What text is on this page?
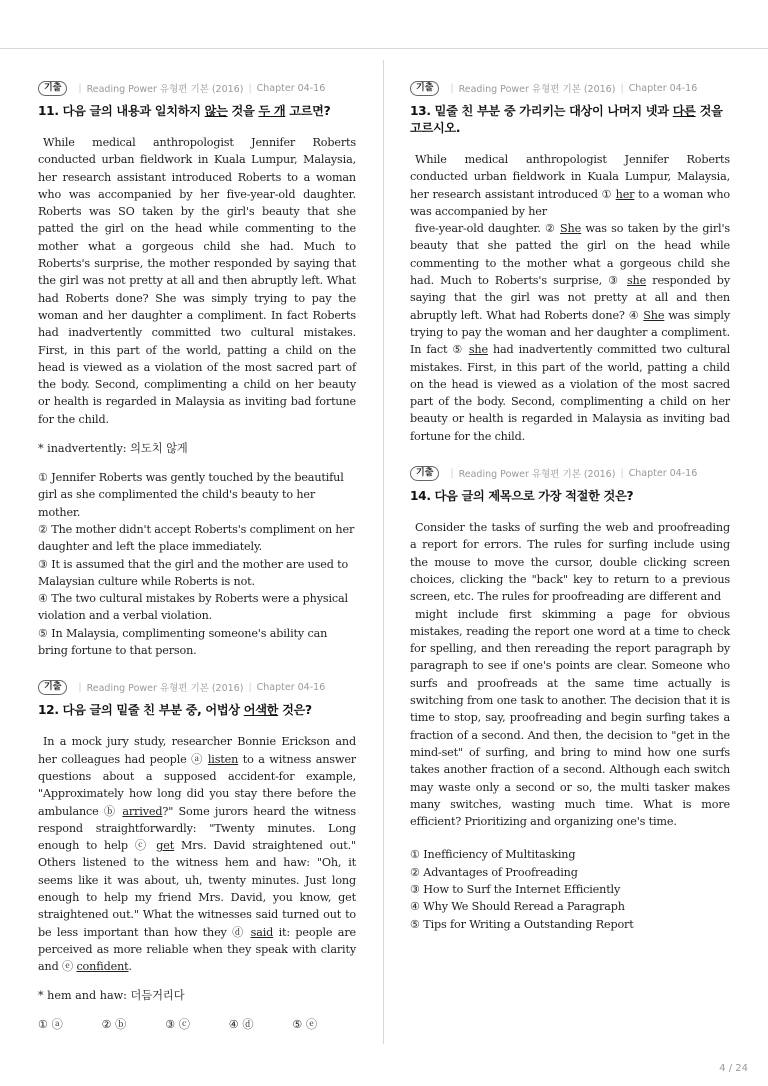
기출	| Reading Power 유형편 기본 (2016) | Chapter 04-16
11. 다음 글의 내용과 일치하지 않는 것을 두 개 고르면?

While medical anthropologist Jennifer Roberts conducted urban fieldwork in Kuala Lumpur, Malaysia, her research assistant introduced Roberts to a woman who was accompanied by her five-year-old daughter. Roberts was SO taken by the girl's beauty that she patted the girl on the head while commenting to the mother what a gorgeous child she had. Much to Roberts's surprise, the mother responded by saying that the girl was not pretty at all and then abruptly left. What had Roberts done? She was simply trying to pay the woman and her daughter a compliment. In fact Roberts had inadvertently committed two cultural mistakes. First, in this part of the world, patting a child on the head is viewed as a violation of the most sacred part of the body. Second, complimenting a child on her beauty or health is regarded in Malaysia as inviting bad fortune for the child.

* inadvertently: 의도치 않게
① Jennifer Roberts was gently touched by the beautiful girl as she complimented the child's beauty to her mother.
② The mother didn't accept Roberts's compliment on her daughter and left the place immediately.
③ It is assumed that the girl and the mother are used to Malaysian culture while Roberts is not.
④ The two cultural mistakes by Roberts were a physical violation and a verbal violation.
⑤ In Malaysia, complimenting someone's ability can bring fortune to that person.
기출	| Reading Power 유형편 기본 (2016) | Chapter 04-16
12. 다음 글의 밑줄 친 부분 중, 어법상 어색한 것은?

In a mock jury study, researcher Bonnie Erickson and her colleagues had people ⓐ listen to a witness answer questions about a supposed accident-for example, "Approximately how long did you stay there before the ambulance ⓑ arrived?" Some jurors heard the witness respond straightforwardly: "Twenty minutes. Long enough to help ⓒ get Mrs. David straightened out." Others listened to the witness hem and haw: "Oh, it seems like it was about, uh, twenty minutes. Just long enough to help my friend Mrs. David, you know, get straightened out." What the witnesses said turned out to be less important than how they ⓓ said it: people are perceived as more reliable when they speak with clarity and ⓔ confident.

* hem and haw: 더듬거리다
① ⓐ	② ⓑ	③ ⓒ	④ ⓓ	⑤ ⓔ
기출	| Reading Power 유형편 기본 (2016) | Chapter 04-16
13. 밑줄 친 부분 중 가리키는 대상이 나머지 넷과 다른 것을 고르시오.

While medical anthropologist Jennifer Roberts conducted urban fieldwork in Kuala Lumpur, Malaysia, her research assistant introduced ① her to a woman who was accompanied by her

five-year-old daughter. ② She was so taken by the girl's beauty that she patted the girl on the head while commenting to the mother what a gorgeous child she had. Much to Roberts's surprise, ③ she responded by saying that the girl was not pretty at all and then abruptly left. What had Roberts done? ④ She was simply trying to pay the woman and her daughter a compliment. In fact ⑤ she had inadvertently committed two cultural mistakes. First, in this part of the world, patting a child on the head is viewed as a violation of the most sacred part of the body. Second, complimenting a child on her beauty or health is regarded in Malaysia as inviting bad fortune for the child.

기출	| Reading Power 유형편 기본 (2016) | Chapter 04-16
14. 다음 글의 제목으로 가장 적절한 것은?

Consider the tasks of surfing the web and proofreading a report for errors. The rules for surfing include using the mouse to move the cursor, double clicking screen choices, clicking the "back" key to return to a previous screen, etc. The rules for proofreading are different and

might include first skimming a page for obvious mistakes, reading the report one word at a time to check for spelling, and then rereading the report paragraph by paragraph to see if one's points are clear. Someone who surfs and proofreads at the same time actually is switching from one task to another. The decision that it is time to stop, say, proofreading and begin surfing takes a fraction of a second. And then, the decision to "get in the mind-set" of surfing, and bring to mind how one surfs takes another fraction of a second. Although each switch may waste only a second or so, the multi tasker makes many switches, wasting much time. What is more efficient? Prioritizing and organizing one's time.

① Inefficiency of Multitasking
② Advantages of Proofreading
③ How to Surf the Internet Efficiently
④ Why We Should Reread a Paragraph
⑤ Tips for Writing a Outstanding Report
4 / 24
